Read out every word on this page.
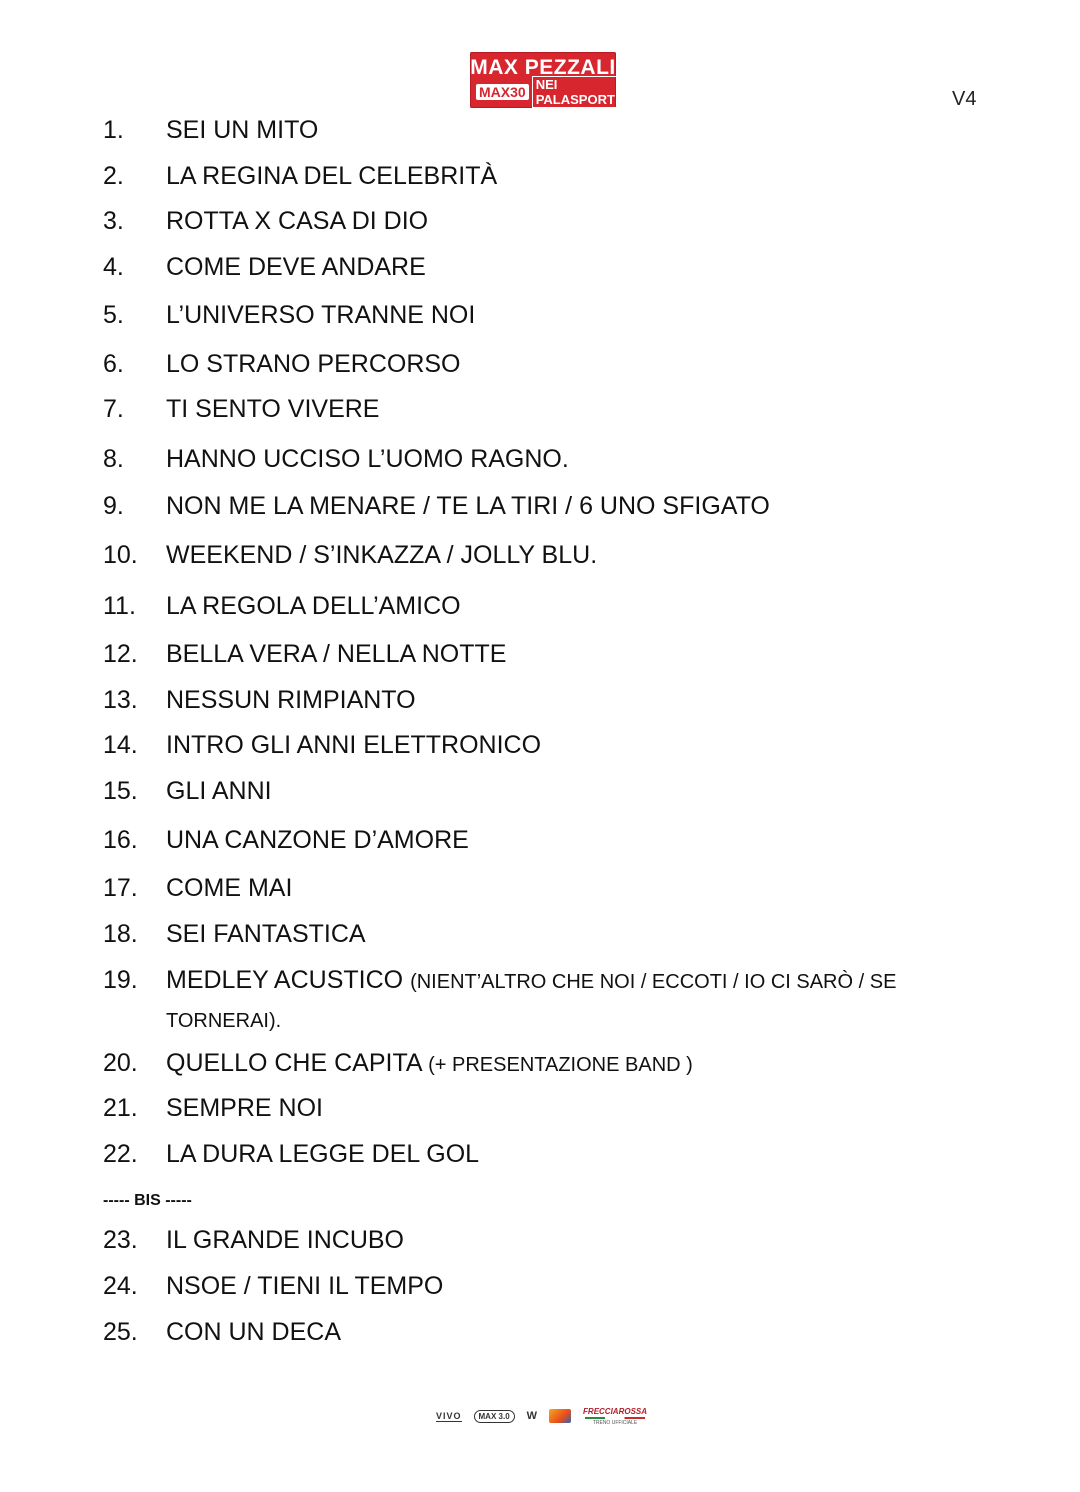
MAX PEZZALI
MAX30 NEI PALASPORT	V4
1. SEI UN MITO
2. LA REGINA DEL CELEBRITÀ
3. ROTTA X CASA DI DIO
4. COME DEVE ANDARE
5. L’UNIVERSO TRANNE NOI
6. LO STRANO PERCORSO
7. TI SENTO VIVERE
8. HANNO UCCISO L’UOMO RAGNO.
9. NON ME LA MENARE / TE LA TIRI / 6 UNO SFIGATO
10. WEEKEND / S’INKAZZA / JOLLY BLU.
11. LA REGOLA DELL’AMICO
12. BELLA VERA / NELLA NOTTE
13. NESSUN RIMPIANTO
14. INTRO GLI ANNI ELETTRONICO
15. GLI ANNI
16. UNA CANZONE D’AMORE
17. COME MAI
18. SEI FANTASTICA
19. MEDLEY ACUSTICO (NIENT’ALTRO CHE NOI / ECCOTI / IO CI SARÒ / SE
TORNERAI).
20. QUELLO CHE CAPITA (+ PRESENTAZIONE BAND )
21. SEMPRE NOI
22. LA DURA LEGGE DEL GOL
23. IL GRANDE INCUBO
24. NSOE / TIENI IL TEMPO
25. CON UN DECA
----- BIS -----
VIVO	MAX 3.0	W	FRECCIAROSSA
TRENO UFFICIALE
